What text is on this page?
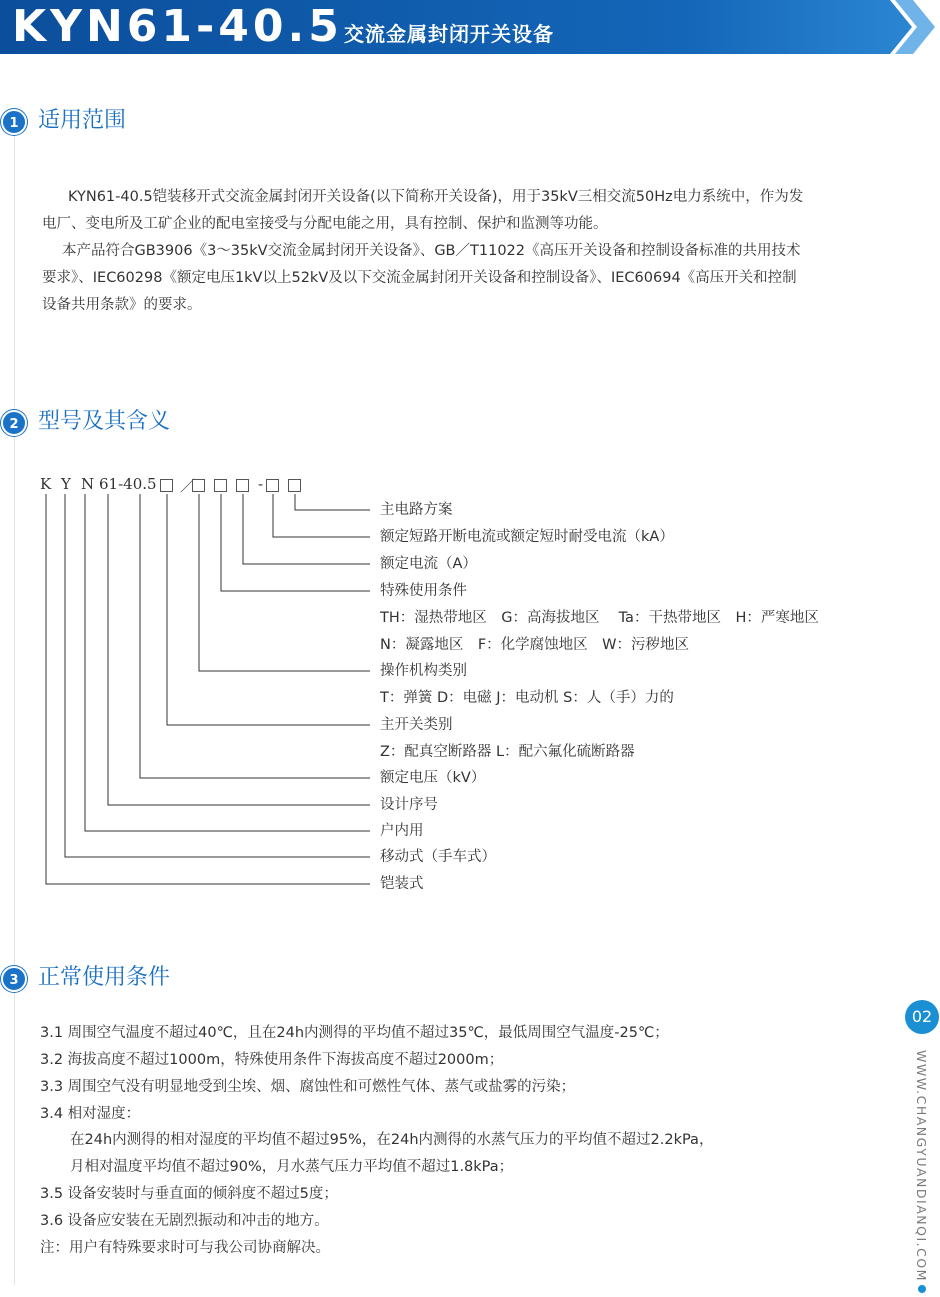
KYN61-40.5 交流金属封闭开关设备
1 适用范围

KYN61-40.5铠装移开式交流金属封闭开关设备(以下简称开关设备)，用于35kV三相交流50Hz电力系统中，作为发

电厂、变电所及工矿企业的配电室接受与分配电能之用，具有控制、保护和监测等功能。

本产品符合GB3906《3～35kV交流金属封闭开关设备》、GB／T11022《高压开关设备和控制设备标准的共用技术

要求》、IEC60298《额定电压1kV以上52kV及以下交流金属封闭开关设备和控制设备》、IEC60694《高压开关和控制

设备共用条款》的要求。

2 型号及其含义
K Y N 61-40.5 ／	-
主电路方案
额定短路开断电流或额定短时耐受电流（kA）
额定电流（A）
特殊使用条件
TH：湿热带地区　G：高海拔地区　 Ta：干热带地区　H：严寒地区
N：凝露地区　F：化学腐蚀地区　W：污秽地区
操作机构类别
T：弹簧 D：电磁 J：电动机 S：人（手）力的
主开关类别
Z：配真空断路器 L：配六氟化硫断路器
额定电压（kV）
设计序号
户内用
移动式（手车式）
铠装式
3 正常使用条件
3.1 周围空气温度不超过40℃，且在24h内测得的平均值不超过35℃，最低周围空气温度-25℃；
3.2 海拔高度不超过1000m，特殊使用条件下海拔高度不超过2000m；
3.3 周围空气没有明显地受到尘埃、烟、腐蚀性和可燃性气体、蒸气或盐雾的污染；
3.4 相对湿度：
在24h内测得的相对湿度的平均值不超过95%，在24h内测得的水蒸气压力的平均值不超过2.2kPa，
月相对温度平均值不超过90%，月水蒸气压力平均值不超过1.8kPa；
3.5 设备安装时与垂直面的倾斜度不超过5度；
3.6 设备应安装在无剧烈振动和冲击的地方。
注：用户有特殊要求时可与我公司协商解决。
02
WWW.CHANGYUANDIANQI.COM
